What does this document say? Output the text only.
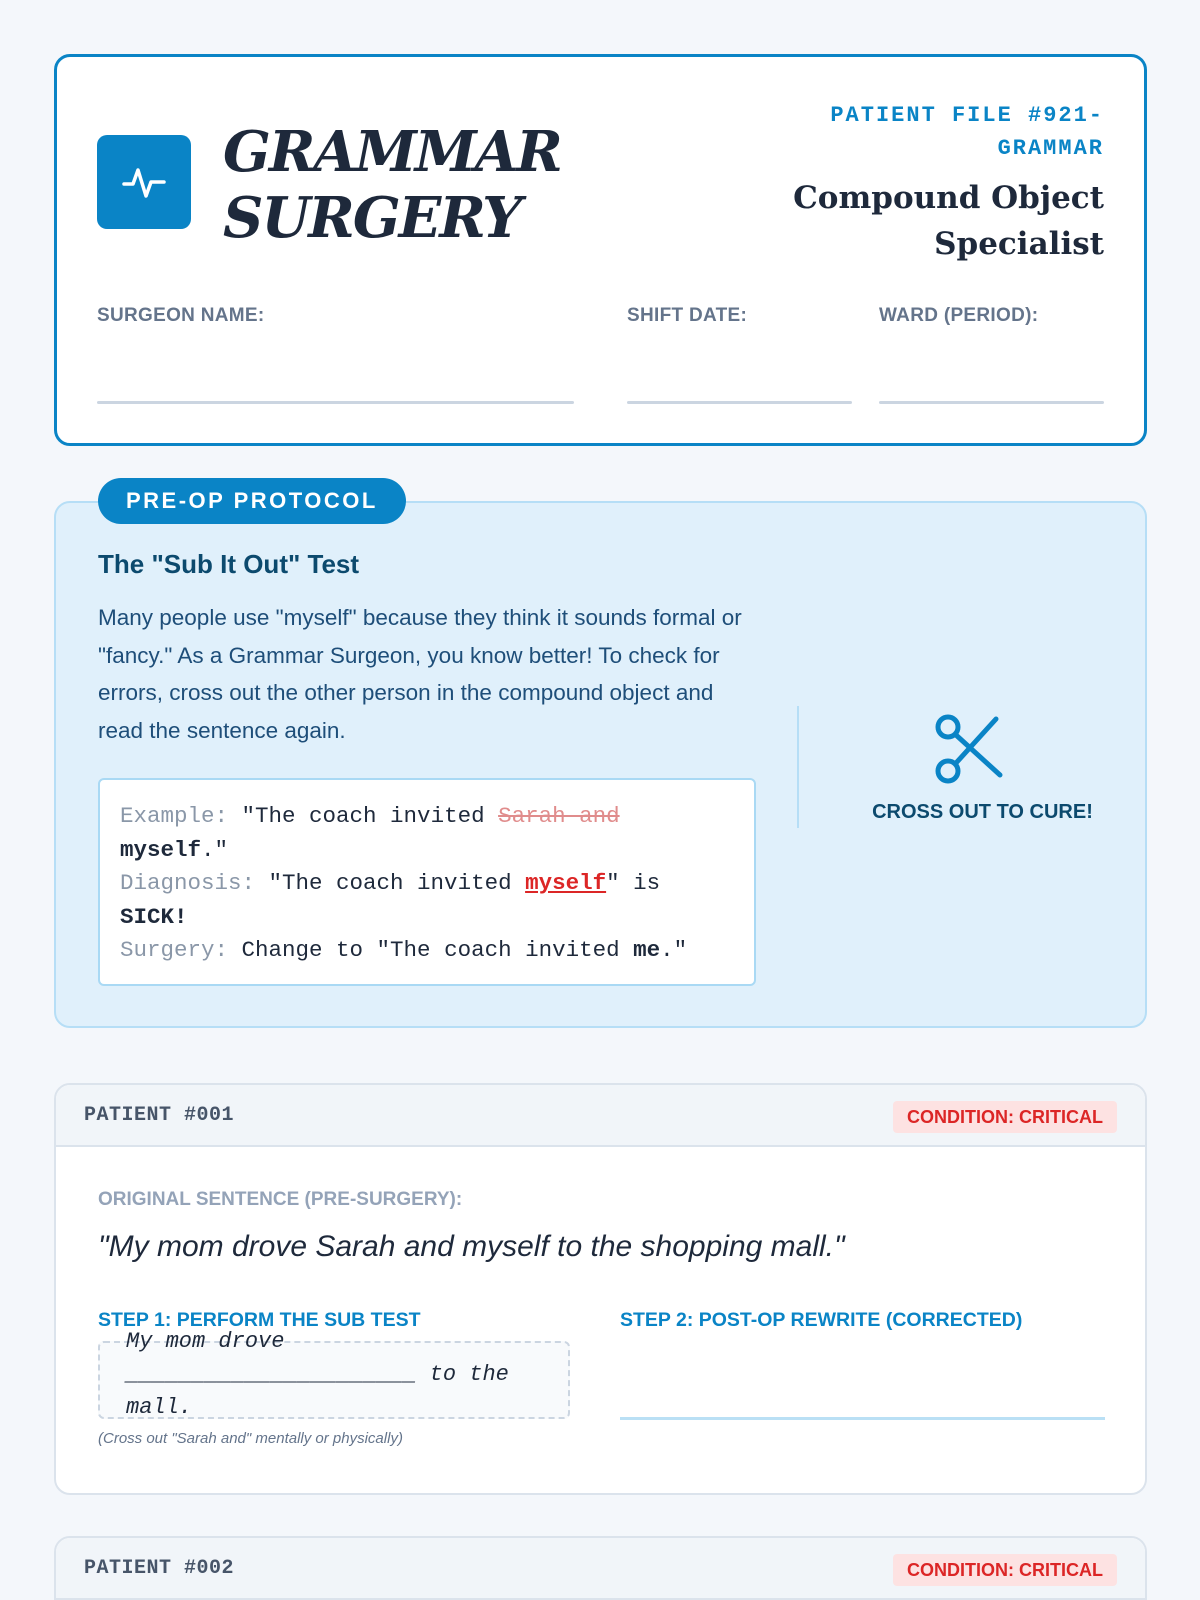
GRAMMAR SURGERY
PATIENT FILE #921-GRAMMAR
Compound Object Specialist
SURGEON NAME:	SHIFT DATE:	WARD (PERIOD):
The "Sub It Out" Test
Many people use "myself" because they think it sounds formal or "fancy." As a Grammar Surgeon, you know better! To check for errors, cross out the other person in the compound object and read the sentence again.
Example: "The coach invited Sarah and
myself."
Diagnosis: "The coach invited myself" is
SICK!
Surgery: Change to "The coach invited me."
CROSS OUT TO CURE!
PRE-OP PROTOCOL
PATIENT #001	CONDITION: CRITICAL
ORIGINAL SENTENCE (PRE-SURGERY):
"My mom drove Sarah and myself to the shopping mall."
STEP 1: PERFORM THE SUB TEST
My mom drove ______________________ to the mall.
(Cross out "Sarah and" mentally or physically)
STEP 2: POST-OP REWRITE (CORRECTED)
PATIENT #002	CONDITION: CRITICAL
